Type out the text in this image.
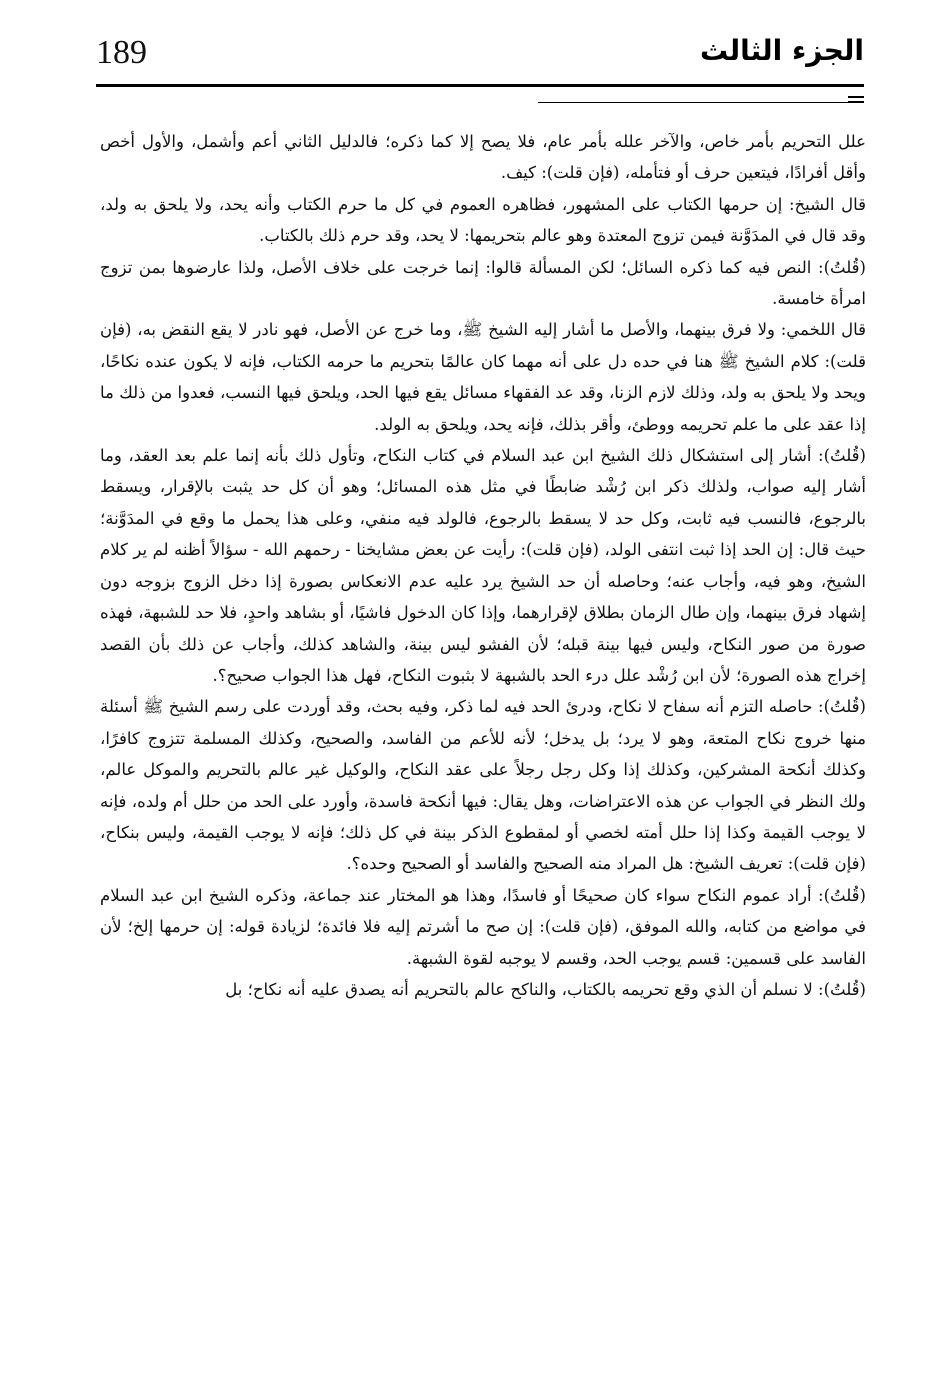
189	الجزء الثالث

علل التحريم بأمر خاص، والآخر علله بأمر عام، فلا يصح إلا كما ذكره؛ فالدليل الثاني أعم وأشمل، والأول أخص وأقل أفرادًا، فيتعين حرف أو فتأمله، (فإن قلت): كيف.

قال الشيخ: إن حرمها الكتاب على المشهور، فظاهره العموم في كل ما حرم الكتاب وأنه يحد، ولا يلحق به ولد، وقد قال في المدَوَّنة فيمن تزوج المعتدة وهو عالم بتحريمها: لا يحد، وقد حرم ذلك بالكتاب.

(قُلتُ): النص فيه كما ذكره السائل؛ لكن المسألة قالوا: إنما خرجت على خلاف الأصل، ولذا عارضوها بمن تزوج امرأة خامسة.

قال اللخمي: ولا فرق بينهما، والأصل ما أشار إليه الشيخ ﷺ، وما خرج عن الأصل، فهو نادر لا يقع النقض به، (فإن قلت): كلام الشيخ ﷺ هنا في حده دل على أنه مهما كان عالمًا بتحريم ما حرمه الكتاب، فإنه لا يكون عنده نكاحًا، ويحد ولا يلحق به ولد، وذلك لازم الزنا، وقد عد الفقهاء مسائل يقع فيها الحد، ويلحق فيها النسب، فعدوا من ذلك ما إذا عقد على ما علم تحريمه ووطئ، وأقر بذلك، فإنه يحد، ويلحق به الولد.

(قُلتُ): أشار إلى استشكال ذلك الشيخ ابن عبد السلام في كتاب النكاح، وتأول ذلك بأنه إنما علم بعد العقد، وما أشار إليه صواب، ولذلك ذكر ابن رُشْد ضابطًا في مثل هذه المسائل؛ وهو أن كل حد يثبت بالإقرار، ويسقط بالرجوع، فالنسب فيه ثابت، وكل حد لا يسقط بالرجوع، فالولد فيه منفي، وعلى هذا يحمل ما وقع في المدَوَّنة؛ حيث قال: إن الحد إذا ثبت انتفى الولد، (فإن قلت): رأيت عن بعض مشايخنا - رحمهم الله - سؤالاً أظنه لم ير كلام الشيخ، وهو فيه، وأجاب عنه؛ وحاصله أن حد الشيخ يرد عليه عدم الانعكاس بصورة إذا دخل الزوج بزوجه دون إشهاد فرق بينهما، وإن طال الزمان بطلاق لإقرارهما، وإذا كان الدخول فاشيًا، أو بشاهد واحدٍ، فلا حد للشبهة، فهذه صورة من صور النكاح، وليس فيها بينة قبله؛ لأن الفشو ليس بينة، والشاهد كذلك، وأجاب عن ذلك بأن القصد إخراج هذه الصورة؛ لأن ابن رُشْد علل درء الحد بالشبهة لا بثبوت النكاح، فهل هذا الجواب صحيح؟.

(قُلتُ): حاصله التزم أنه سفاح لا نكاح، ودرئ الحد فيه لما ذكر، وفيه بحث، وقد أوردت على رسم الشيخ ﷺ أسئلة منها خروج نكاح المتعة، وهو لا يرد؛ بل يدخل؛ لأنه للأعم من الفاسد، والصحيح، وكذلك المسلمة تتزوج كافرًا، وكذلك أنكحة المشركين، وكذلك إذا وكل رجل رجلاً على عقد النكاح، والوكيل غير عالم بالتحريم والموكل عالم، ولك النظر في الجواب عن هذه الاعتراضات، وهل يقال: فيها أنكحة فاسدة، وأورد على الحد من حلل أم ولده، فإنه لا يوجب القيمة وكذا إذا حلل أمته لخصي أو لمقطوع الذكر بينة في كل ذلك؛ فإنه لا يوجب القيمة، وليس بنكاح، (فإن قلت): تعريف الشيخ: هل المراد منه الصحيح والفاسد أو الصحيح وحده؟.

(قُلتُ): أراد عموم النكاح سواء كان صحيحًا أو فاسدًا، وهذا هو المختار عند جماعة، وذكره الشيخ ابن عبد السلام في مواضع من كتابه، والله الموفق، (فإن قلت): إن صح ما أشرتم إليه فلا فائدة؛ لزيادة قوله: إن حرمها إلخ؛ لأن الفاسد على قسمين: قسم يوجب الحد، وقسم لا يوجبه لقوة الشبهة.

(قُلتُ): لا نسلم أن الذي وقع تحريمه بالكتاب، والناكح عالم بالتحريم أنه يصدق عليه أنه نكاح؛ بل
